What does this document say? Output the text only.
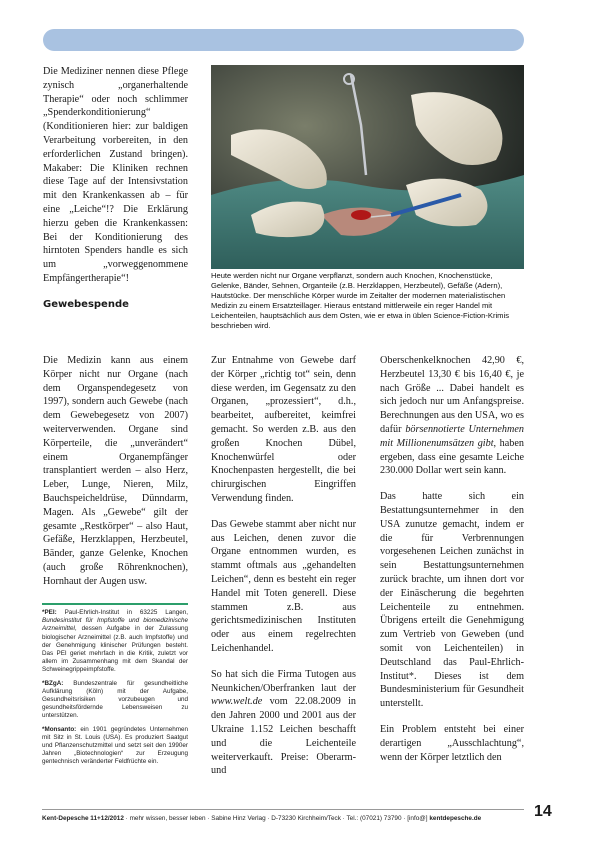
Die Mediziner nennen diese Pflege zynisch „organerhaltende Therapie“ oder noch schlimmer „Spenderkonditionierung“ (Konditionieren hier: zur baldigen Verarbeitung vorbereiten, in den erforderlichen Zustand bringen). Makaber: Die Kliniken rechnen diese Tage auf der Intensivstation mit den Krankenkassen ab – für eine „Leiche“!? Die Erklärung hierzu geben die Krankenkassen: Bei der Konditionierung des hirntoten Spenders handle es sich um „vorweggenommene Empfängertherapie“!

Gewebespende

Heute werden nicht nur Organe verpflanzt, sondern auch Knochen, Knochenstücke, Gelenke, Bänder, Sehnen, Organteile (z.B. Herzklappen, Herzbeutel), Gefäße (Adern), Hautstücke. Der menschliche Körper wurde im Zeitalter der modernen materialistischen Medizin zu einem Ersatzteillager. Hieraus entstand mittlerweile ein reger Handel mit Leichenteilen, hauptsächlich aus dem Osten, wie er etwa in üblen Science-Fiction-Krimis beschrieben wird.

Die Medizin kann aus einem Körper nicht nur Organe (nach dem Organspendegesetz von 1997), sondern auch Gewebe (nach dem Gewebegesetz von 2007) weiterverwenden. Organe sind Körperteile, die „unverändert“ einem Organempfänger transplantiert werden – also Herz, Leber, Lunge, Nieren, Milz, Bauchspeicheldrüse, Dünndarm, Magen. Als „Gewebe“ gilt der gesamte „Restkörper“ – also Haut, Gefäße, Herzklappen, Herzbeutel, Bänder, ganze Gelenke, Knochen (auch große Röhrenknochen), Hornhaut der Augen usw.

Zur Entnahme von Gewebe darf der Körper „richtig tot“ sein, denn diese werden, im Gegensatz zu den Organen, „prozessiert“, d.h., bearbeitet, aufbereitet, keimfrei gemacht. So werden z.B. aus den großen Knochen Dübel, Knochenwürfel oder Knochenpasten hergestellt, die bei chirurgischen Eingriffen Verwendung finden.

Das Gewebe stammt aber nicht nur aus Leichen, denen zuvor die Organe entnommen wurden, es stammt oftmals aus „gehandelten Leichen“, denn es besteht ein reger Handel mit Toten generell. Diese stammen z.B. aus gerichtsmedizinischen Instituten oder aus einem regelrechten Leichenhandel.

So hat sich die Firma Tutogen aus Neunkichen/Oberfranken laut der www.welt.de vom 22.08.2009 in den Jahren 2000 und 2001 aus der Ukraine 1.152 Leichen beschafft und die Leichenteile weiterverkauft. Preise: Oberarm- und

Oberschenkelknochen 42,90 €, Herzbeutel 13,30 € bis 16,40 €, je nach Größe ... Dabei handelt es sich jedoch nur um Anfangspreise. Berechnungen aus den USA, wo es dafür börsennotierte Unternehmen mit Millionenumsätzen gibt, haben ergeben, dass eine gesamte Leiche 230.000 Dollar wert sein kann.

Das hatte sich ein Bestattungsunternehmer in den USA zunutze gemacht, indem er die für Verbrennungen vorgesehenen Leichen zunächst in sein Bestattungsunternehmen zurück brachte, um ihnen dort vor der Einäscherung die begehrten Leichenteile zu entnehmen. Übrigens erteilt die Genehmigung zum Vertrieb von Geweben (und somit von Leichenteilen) in Deutschland das Paul-Ehrlich-Institut*. Dieses ist dem Bundesministerium für Gesundheit unterstellt.

Ein Problem entsteht bei einer derartigen „Ausschlachtung“, wenn der Körper letztlich den

*PEI: Paul-Ehrlich-Institut in 63225 Langen, Bundesinstitut für Impfstoffe und biomedizinische Arzneimittel, dessen Aufgabe in der Zulassung biologischer Arzneimittel (z.B. auch Impfstoffe) und der Genehmigung klinischer Prüfungen besteht. Das PEI geriet mehrfach in die Kritik, zuletzt vor allem im Zusammenhang mit dem Skandal der Schweinegrippeimpfstoffe.

*BZgA: Bundeszentrale für gesundheitliche Aufklärung (Köln) mit der Aufgabe, Gesundheitsrisiken vorzubeugen und gesundheitsfördernde Lebensweisen zu unterstützen.

*Monsanto: ein 1901 gegründetes Unternehmen mit Sitz in St. Louis (USA). Es produziert Saatgut und Pflanzenschutzmittel und setzt seit den 1990er Jahren „Biotechnologien“ zur Erzeugung gentechnisch veränderter Feldfrüchte ein.

Kent-Depesche 11+12/2012 · mehr wissen, besser leben · Sabine Hinz Verlag · D-73230 Kirchheim/Teck · Tel.: (07021) 73790 · [info@] kentdepesche.de	14
